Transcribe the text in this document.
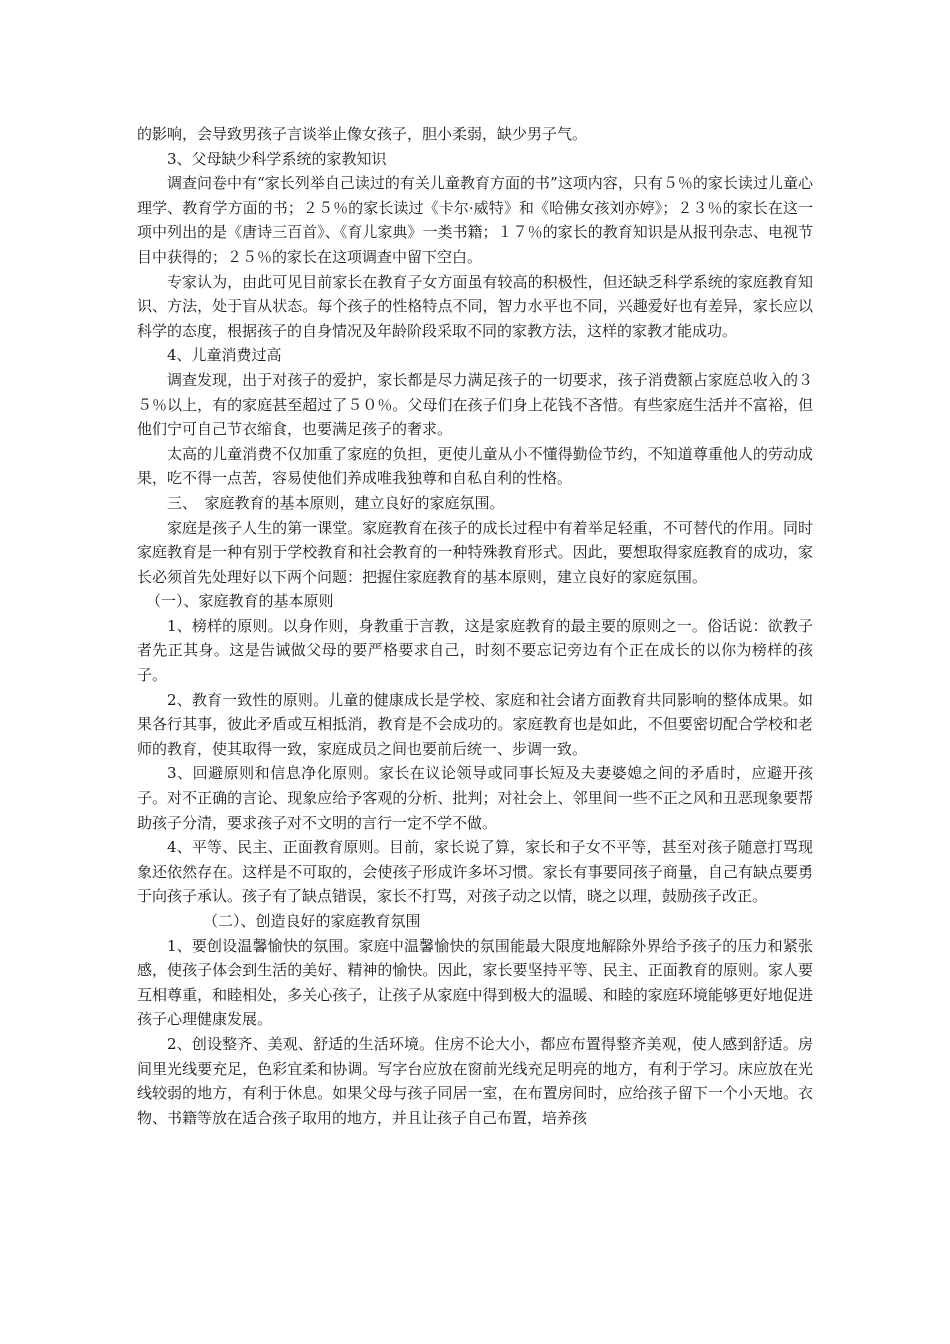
的影响，会导致男孩子言谈举止像女孩子，胆小柔弱，缺少男子气。

3、父母缺少科学系统的家教知识

调查问卷中有“家长列举自己读过的有关儿童教育方面的书”这项内容，只有５％的家长读过儿童心理学、教育学方面的书；２５％的家长读过《卡尔·威特》和《哈佛女孩刘亦婷》；２３％的家长在这一项中列出的是《唐诗三百首》、《育儿家典》一类书籍；１７％的家长的教育知识是从报刊杂志、电视节目中获得的；２５％的家长在这项调查中留下空白。

专家认为，由此可见目前家长在教育子女方面虽有较高的积极性，但还缺乏科学系统的家庭教育知识、方法，处于盲从状态。每个孩子的性格特点不同，智力水平也不同，兴趣爱好也有差异，家长应以科学的态度，根据孩子的自身情况及年龄阶段采取不同的家教方法，这样的家教才能成功。

4、儿童消费过高

调查发现，出于对孩子的爱护，家长都是尽力满足孩子的一切要求，孩子消费额占家庭总收入的３５％以上，有的家庭甚至超过了５０％。父母们在孩子们身上花钱不吝惜。有些家庭生活并不富裕，但他们宁可自己节衣缩食，也要满足孩子的奢求。

太高的儿童消费不仅加重了家庭的负担，更使儿童从小不懂得勤俭节约，不知道尊重他人的劳动成果，吃不得一点苦，容易使他们养成唯我独尊和自私自利的性格。

三、　家庭教育的基本原则，建立良好的家庭氛围。

家庭是孩子人生的第一课堂。家庭教育在孩子的成长过程中有着举足轻重，不可替代的作用。同时家庭教育是一种有别于学校教育和社会教育的一种特殊教育形式。因此，要想取得家庭教育的成功，家长必须首先处理好以下两个问题：把握住家庭教育的基本原则，建立良好的家庭氛围。

（一）、家庭教育的基本原则

1、榜样的原则。以身作则，身教重于言教，这是家庭教育的最主要的原则之一。俗话说：欲教子者先正其身。这是告诫做父母的要严格要求自己，时刻不要忘记旁边有个正在成长的以你为榜样的孩子。

2、教育一致性的原则。儿童的健康成长是学校、家庭和社会诸方面教育共同影响的整体成果。如果各行其事，彼此矛盾或互相抵消，教育是不会成功的。家庭教育也是如此，不但要密切配合学校和老师的教育，使其取得一致，家庭成员之间也要前后统一、步调一致。

3、回避原则和信息净化原则。家长在议论领导或同事长短及夫妻婆媳之间的矛盾时，应避开孩子。对不正确的言论、现象应给予客观的分析、批判；对社会上、邻里间一些不正之风和丑恶现象要帮助孩子分清，要求孩子对不文明的言行一定不学不做。

4、平等、民主、正面教育原则。目前，家长说了算，家长和子女不平等，甚至对孩子随意打骂现象还依然存在。这样是不可取的，会使孩子形成许多坏习惯。家长有事要同孩子商量，自己有缺点要勇于向孩子承认。孩子有了缺点错误，家长不打骂，对孩子动之以情，晓之以理，鼓励孩子改正。

（二）、创造良好的家庭教育氛围

1、要创设温馨愉快的氛围。家庭中温馨愉快的氛围能最大限度地解除外界给予孩子的压力和紧张感，使孩子体会到生活的美好、精神的愉快。因此，家长要坚持平等、民主、正面教育的原则。家人要互相尊重，和睦相处，多关心孩子，让孩子从家庭中得到极大的温暖、和睦的家庭环境能够更好地促进孩子心理健康发展。

2、创设整齐、美观、舒适的生活环境。住房不论大小，都应布置得整齐美观，使人感到舒适。房间里光线要充足，色彩宜柔和协调。写字台应放在窗前光线充足明亮的地方，有利于学习。床应放在光线较弱的地方，有利于休息。如果父母与孩子同居一室，在布置房间时，应给孩子留下一个小天地。衣物、书籍等放在适合孩子取用的地方，并且让孩子自己布置，培养孩
